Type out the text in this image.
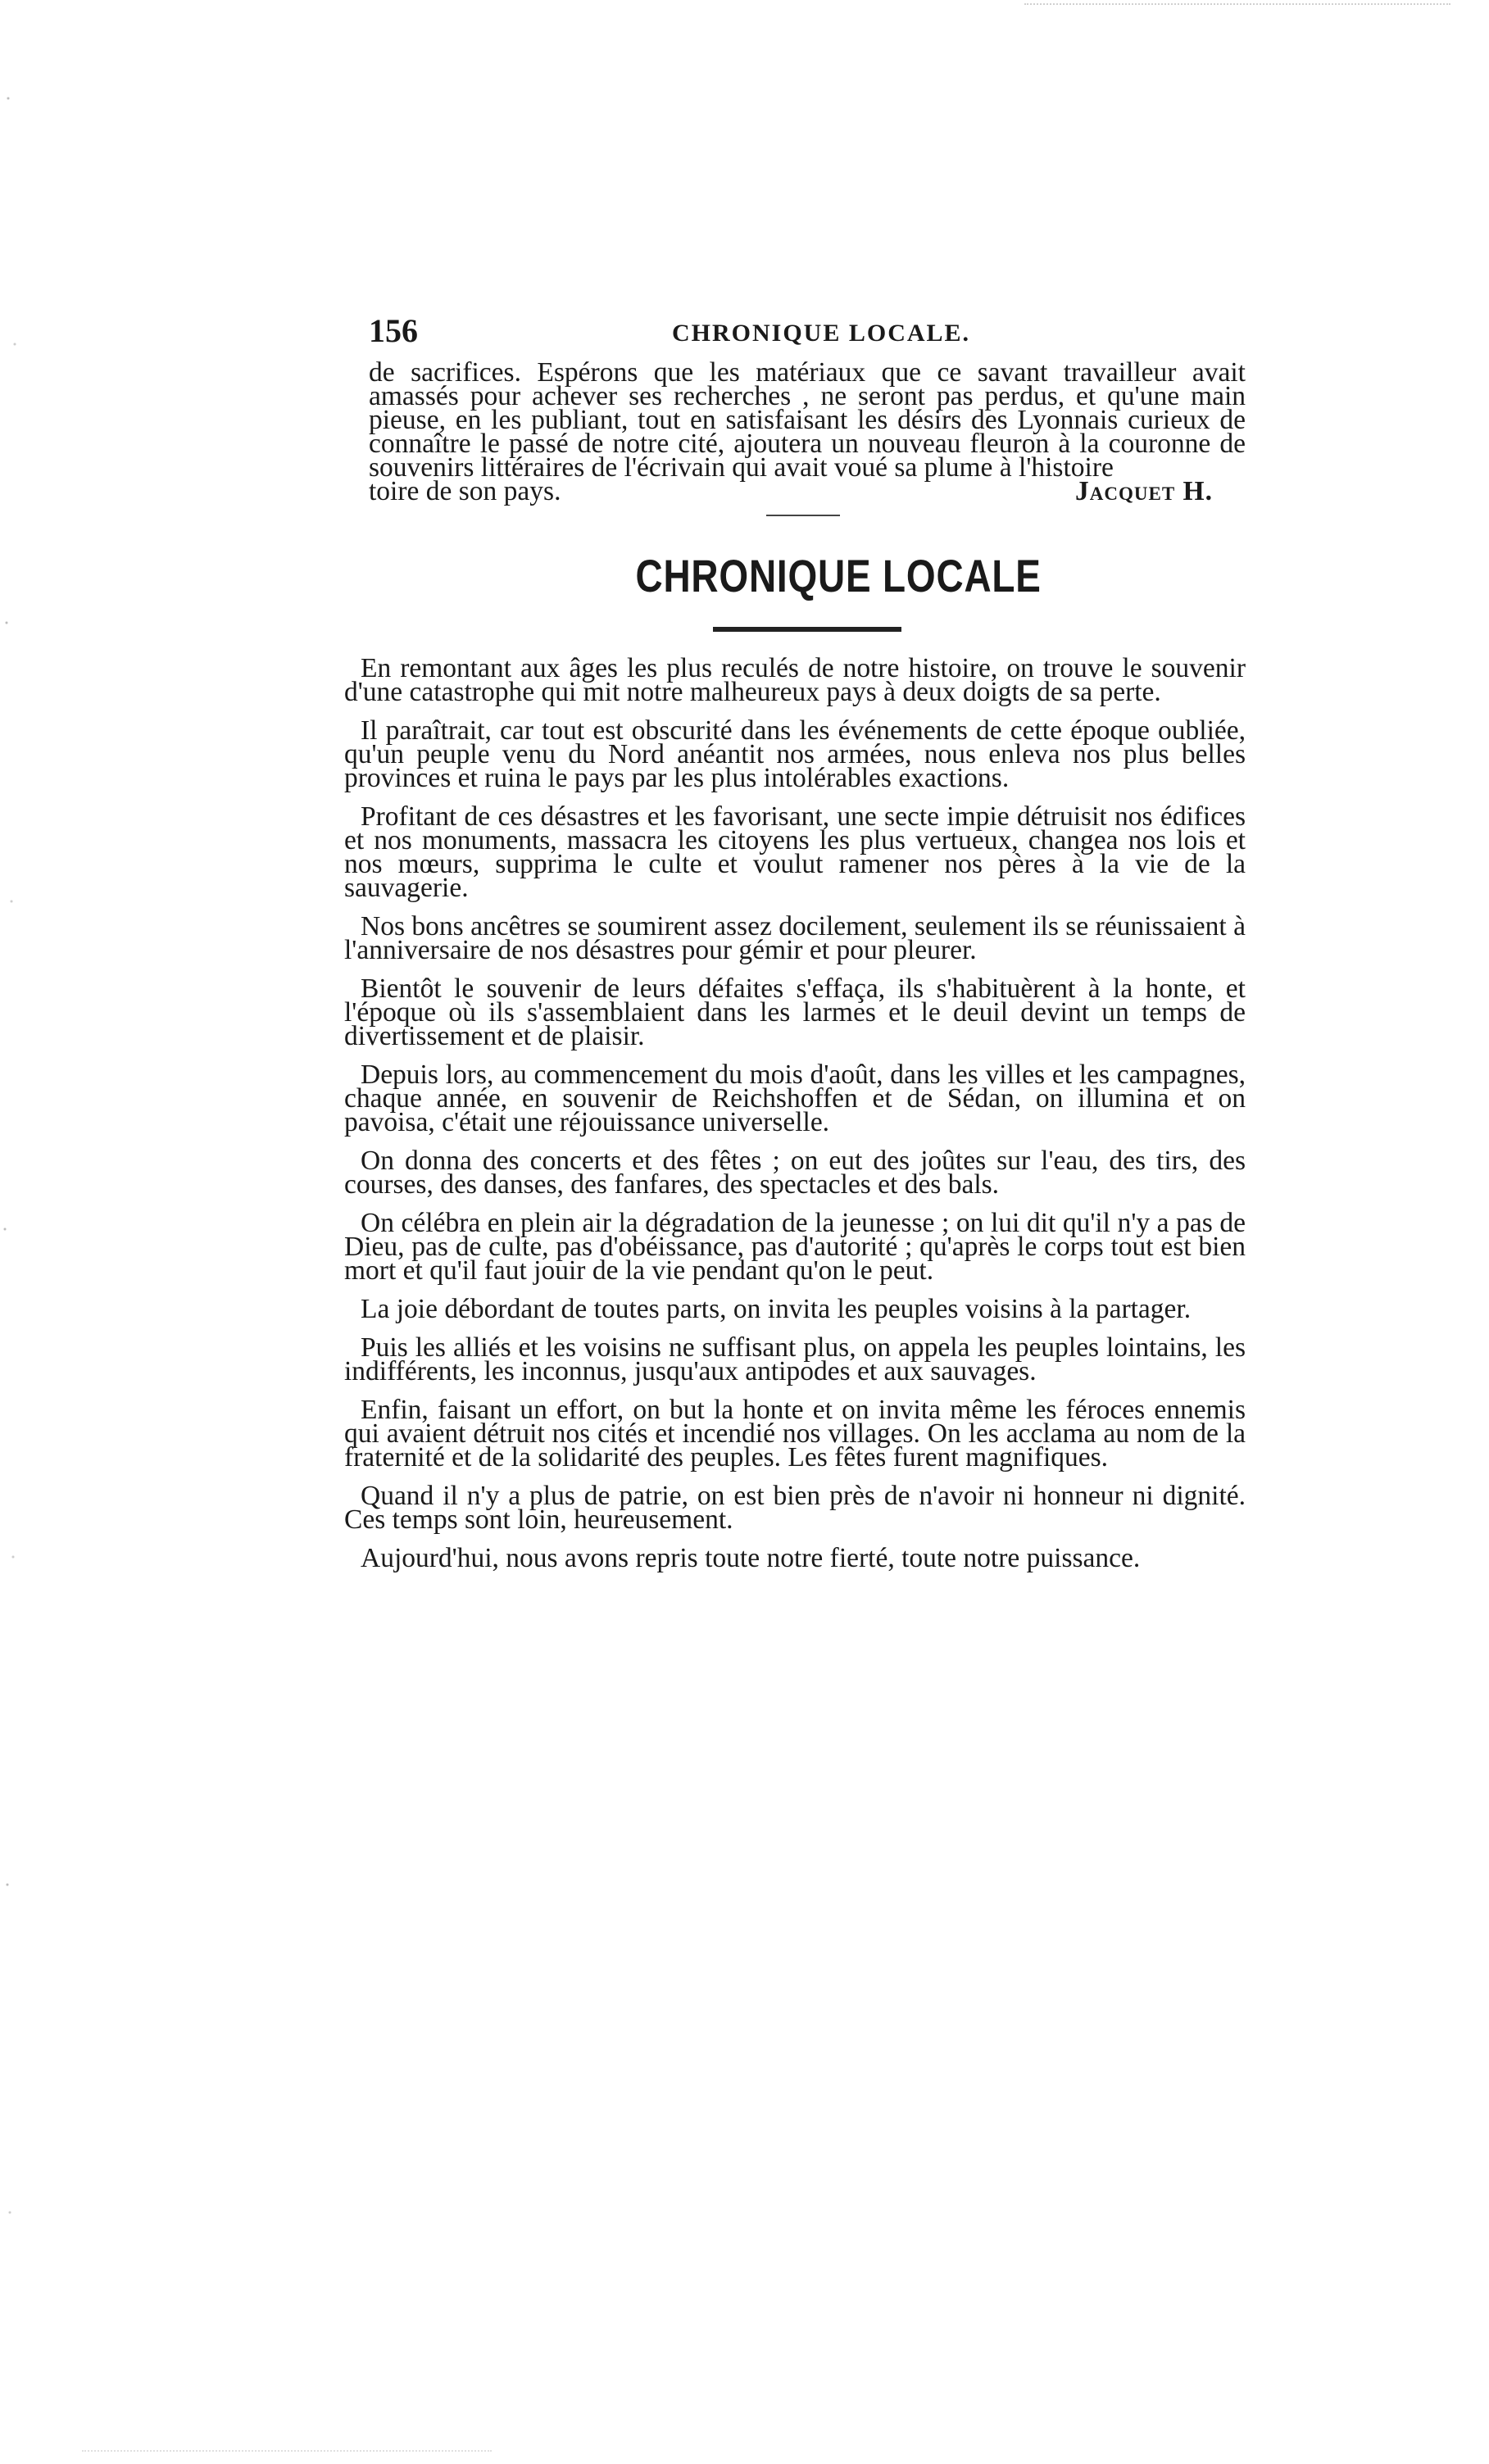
156	CHRONIQUE LOCALE.

de sacrifices. Espérons que les matériaux que ce savant travailleur avait amassés pour achever ses recherches , ne seront pas perdus, et qu'une main pieuse, en les publiant, tout en satisfaisant les désirs des Lyonnais curieux de connaître le passé de notre cité, ajoutera un nouveau fleuron à la couronne de souvenirs littéraires de l'écrivain qui avait voué sa plume à l'histoire

toire de son pays.	Jacquet H.
CHRONIQUE LOCALE

En remontant aux âges les plus reculés de notre histoire, on trouve le souvenir d'une catastrophe qui mit notre malheureux pays à deux doigts de sa perte.

Il paraîtrait, car tout est obscurité dans les événements de cette époque oubliée, qu'un peuple venu du Nord anéantit nos armées, nous enleva nos plus belles provinces et ruina le pays par les plus intolérables exactions.

Profitant de ces désastres et les favorisant, une secte impie détruisit nos édifices et nos monuments, massacra les citoyens les plus vertueux, changea nos lois et nos mœurs, supprima le culte et voulut ramener nos pères à la vie de la sauvagerie.

Nos bons ancêtres se soumirent assez docilement, seulement ils se réunissaient à l'anniversaire de nos désastres pour gémir et pour pleurer.

Bientôt le souvenir de leurs défaites s'effaça, ils s'habituèrent à la honte, et l'époque où ils s'assemblaient dans les larmes et le deuil devint un temps de divertissement et de plaisir.

Depuis lors, au commencement du mois d'août, dans les villes et les campagnes, chaque année, en souvenir de Reichshoffen et de Sédan, on illumina et on pavoisa, c'était une réjouissance universelle.

On donna des concerts et des fêtes ; on eut des joûtes sur l'eau, des tirs, des courses, des danses, des fanfares, des spectacles et des bals.

On célébra en plein air la dégradation de la jeunesse ; on lui dit qu'il n'y a pas de Dieu, pas de culte, pas d'obéissance, pas d'autorité ; qu'après le corps tout est bien mort et qu'il faut jouir de la vie pendant qu'on le peut.

La joie débordant de toutes parts, on invita les peuples voisins à la partager.

Puis les alliés et les voisins ne suffisant plus, on appela les peuples lointains, les indifférents, les inconnus, jusqu'aux antipodes et aux sauvages.

Enfin, faisant un effort, on but la honte et on invita même les féroces ennemis qui avaient détruit nos cités et incendié nos villages. On les acclama au nom de la fraternité et de la solidarité des peuples. Les fêtes furent magnifiques.

Quand il n'y a plus de patrie, on est bien près de n'avoir ni honneur ni dignité. Ces temps sont loin, heureusement.

Aujourd'hui, nous avons repris toute notre fierté, toute notre puissance.
